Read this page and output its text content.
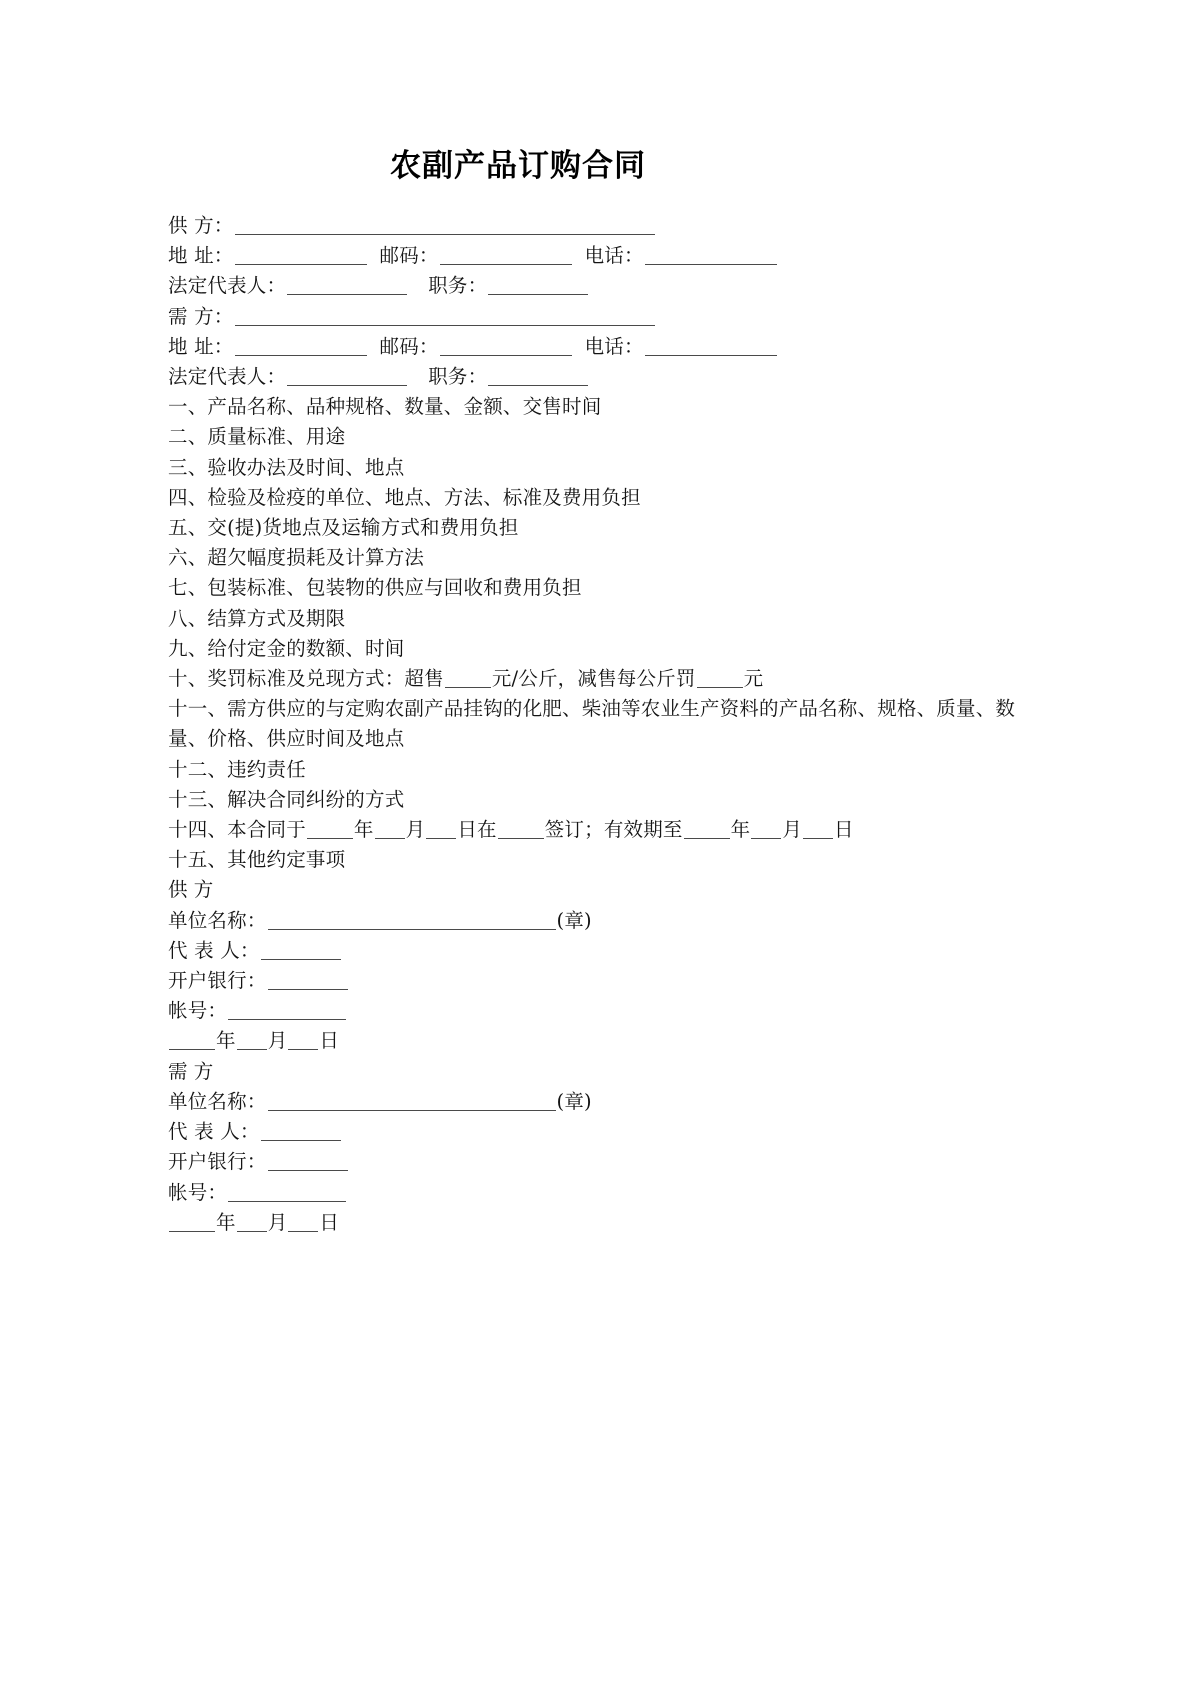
农副产品订购合同
供 方：
地 址：	邮码：	电话：
法定代表人：	职务：
需 方：
地 址：	邮码：	电话：
法定代表人：	职务：
一、产品名称、品种规格、数量、金额、交售时间
二、质量标准、用途
三、验收办法及时间、地点
四、检验及检疫的单位、地点、方法、标准及费用负担
五、交(提)货地点及运输方式和费用负担
六、超欠幅度损耗及计算方法
七、包装标准、包装物的供应与回收和费用负担
八、结算方式及期限
九、给付定金的数额、时间
十、奖罚标准及兑现方式：超售 元/公斤，减售每公斤罚 元
十一、需方供应的与定购农副产品挂钩的化肥、柴油等农业生产资料的产品名称、规格、质量、数量、价格、供应时间及地点
十二、违约责任
十三、解决合同纠纷的方式
十四、本合同于 年 月 日在 签订；有效期至 年 月 日
十五、其他约定事项
供 方
单位名称：	(章)
代 表 人：
开户银行：
帐号：
年 月 日
需 方
单位名称：	(章)
代 表 人：
开户银行：
帐号：
年 月 日
